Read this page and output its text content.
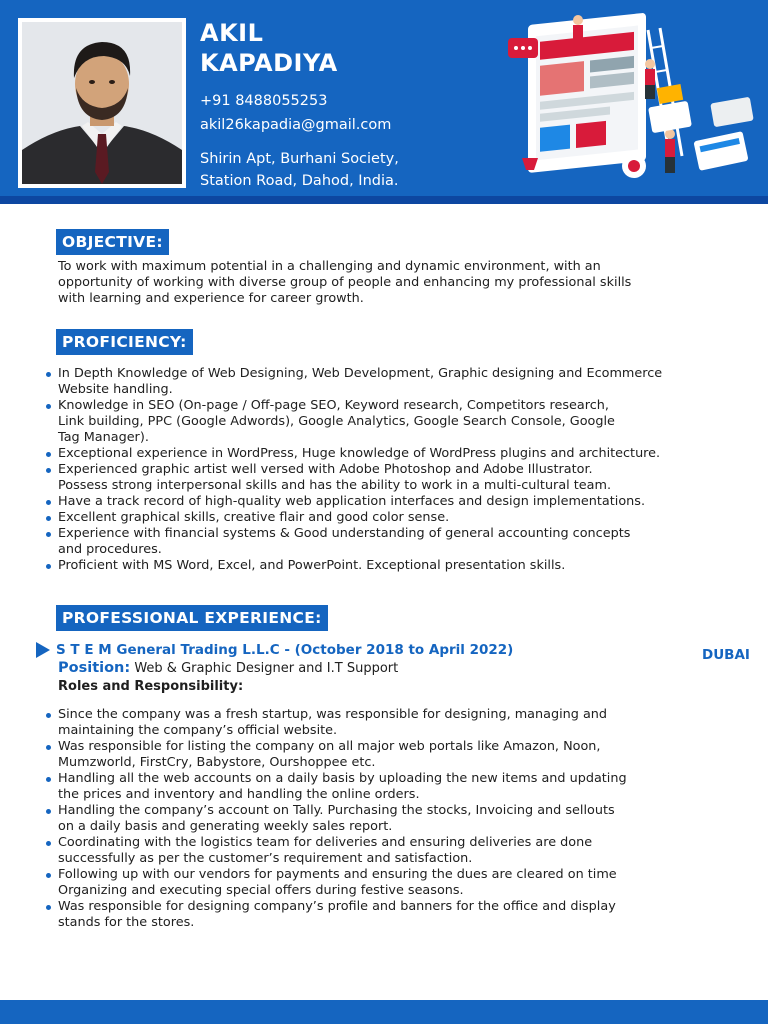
AKIL
KAPADIYA
+91 8488055253
akil26kapadia@gmail.com
Shirin Apt, Burhani Society,
Station Road, Dahod, India.
OBJECTIVE:
To work with maximum potential in a challenging and dynamic environment, with an
opportunity of working with diverse group of people and enhancing my professional skills
with learning and experience for career growth.
PROFICIENCY:
In Depth Knowledge of Web Designing, Web Development, Graphic designing and Ecommerce
Website handling.
Knowledge in SEO (On-page / Off-page SEO, Keyword research, Competitors research,
Link building, PPC (Google Adwords), Google Analytics, Google Search Console, Google
Tag Manager).
Exceptional experience in WordPress, Huge knowledge of WordPress plugins and architecture.
Experienced graphic artist well versed with Adobe Photoshop and Adobe Illustrator.
Possess strong interpersonal skills and has the ability to work in a multi-cultural team.
Have a track record of high-quality web application interfaces and design implementations.
Excellent graphical skills, creative flair and good color sense.
Experience with financial systems & Good understanding of general accounting concepts
and procedures.
Proficient with MS Word, Excel, and PowerPoint. Exceptional presentation skills.
PROFESSIONAL EXPERIENCE:
S T E M General Trading L.L.C - (October 2018 to April 2022)	DUBAI
Position: Web & Graphic Designer and I.T Support
Roles and Responsibility:
Since the company was a fresh startup, was responsible for designing, managing and
maintaining the company’s official website.
Was responsible for listing the company on all major web portals like Amazon, Noon,
Mumzworld, FirstCry, Babystore, Ourshoppee etc.
Handling all the web accounts on a daily basis by uploading the new items and updating
the prices and inventory and handling the online orders.
Handling the company’s account on Tally. Purchasing the stocks, Invoicing and sellouts
on a daily basis and generating weekly sales report.
Coordinating with the logistics team for deliveries and ensuring deliveries are done
successfully as per the customer’s requirement and satisfaction.
Following up with our vendors for payments and ensuring the dues are cleared on time
Organizing and executing special offers during festive seasons.
Was responsible for designing company’s profile and banners for the office and display
stands for the stores.
